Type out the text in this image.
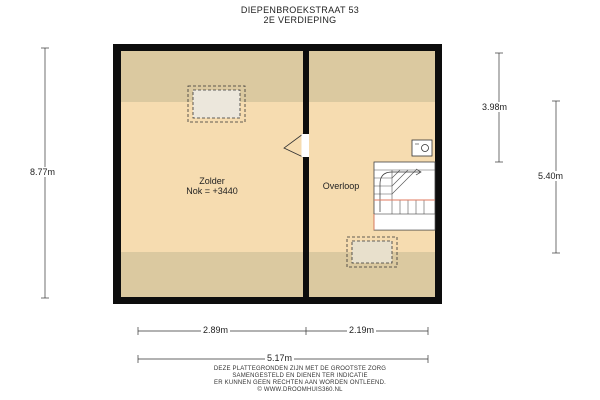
DIEPENBROEKSTRAAT 53
2E VERDIEPING
Zolder
Nok = +3440	Overloop
8.77m
3.98m
5.40m
2.89m	2.19m
5.17m
DEZE PLATTEGRONDEN ZIJN MET DE GROOTSTE ZORG
SAMENGESTELD EN DIENEN TER INDICATIE
ER KUNNEN GEEN RECHTEN AAN WORDEN ONTLEEND.
© WWW.DROOMHUIS360.NL
